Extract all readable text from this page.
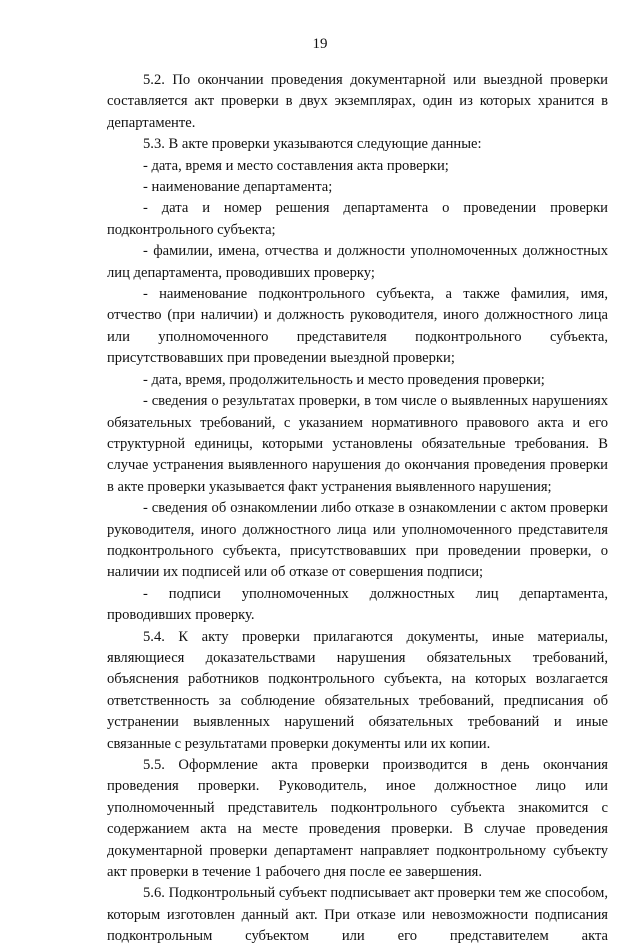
19

5.2. По окончании проведения документарной или выездной проверки составляется акт проверки в двух экземплярах, один из которых хранится в департаменте.

5.3. В акте проверки указываются следующие данные:

- дата, время и место составления акта проверки;

- наименование департамента;

- дата и номер решения департамента о проведении проверки подконтрольного субъекта;

- фамилии, имена, отчества и должности уполномоченных должностных лиц департамента, проводивших проверку;

- наименование подконтрольного субъекта, а также фамилия, имя, отчество (при наличии) и должность руководителя, иного должностного лица или уполномоченного представителя подконтрольного субъекта, присутствовавших при проведении выездной проверки;

- дата, время, продолжительность и место проведения проверки;

- сведения о результатах проверки, в том числе о выявленных нарушениях обязательных требований, с указанием нормативного правового акта и его структурной единицы, которыми установлены обязательные требования. В случае устранения выявленного нарушения до окончания проведения проверки в акте проверки указывается факт устранения выявленного нарушения;

- сведения об ознакомлении либо отказе в ознакомлении с актом проверки руководителя, иного должностного лица или уполномоченного представителя подконтрольного субъекта, присутствовавших при проведении проверки, о наличии их подписей или об отказе от совершения подписи;

- подписи уполномоченных должностных лиц департамента, проводивших проверку.

5.4. К акту проверки прилагаются документы, иные материалы, являющиеся доказательствами нарушения обязательных требований, объяснения работников подконтрольного субъекта, на которых возлагается ответственность за соблюдение обязательных требований, предписания об устранении выявленных нарушений обязательных требований и иные связанные с результатами проверки документы или их копии.

5.5. Оформление акта проверки производится в день окончания проведения проверки. Руководитель, иное должностное лицо или уполномоченный представитель подконтрольного субъекта знакомится с содержанием акта на месте проведения проверки. В случае проведения документарной проверки департамент направляет подконтрольному субъекту акт проверки в течение 1 рабочего дня после ее завершения.

5.6. Подконтрольный субъект подписывает акт проверки тем же способом, которым изготовлен данный акт. При отказе или невозможности подписания подконтрольным субъектом или его представителем акта
